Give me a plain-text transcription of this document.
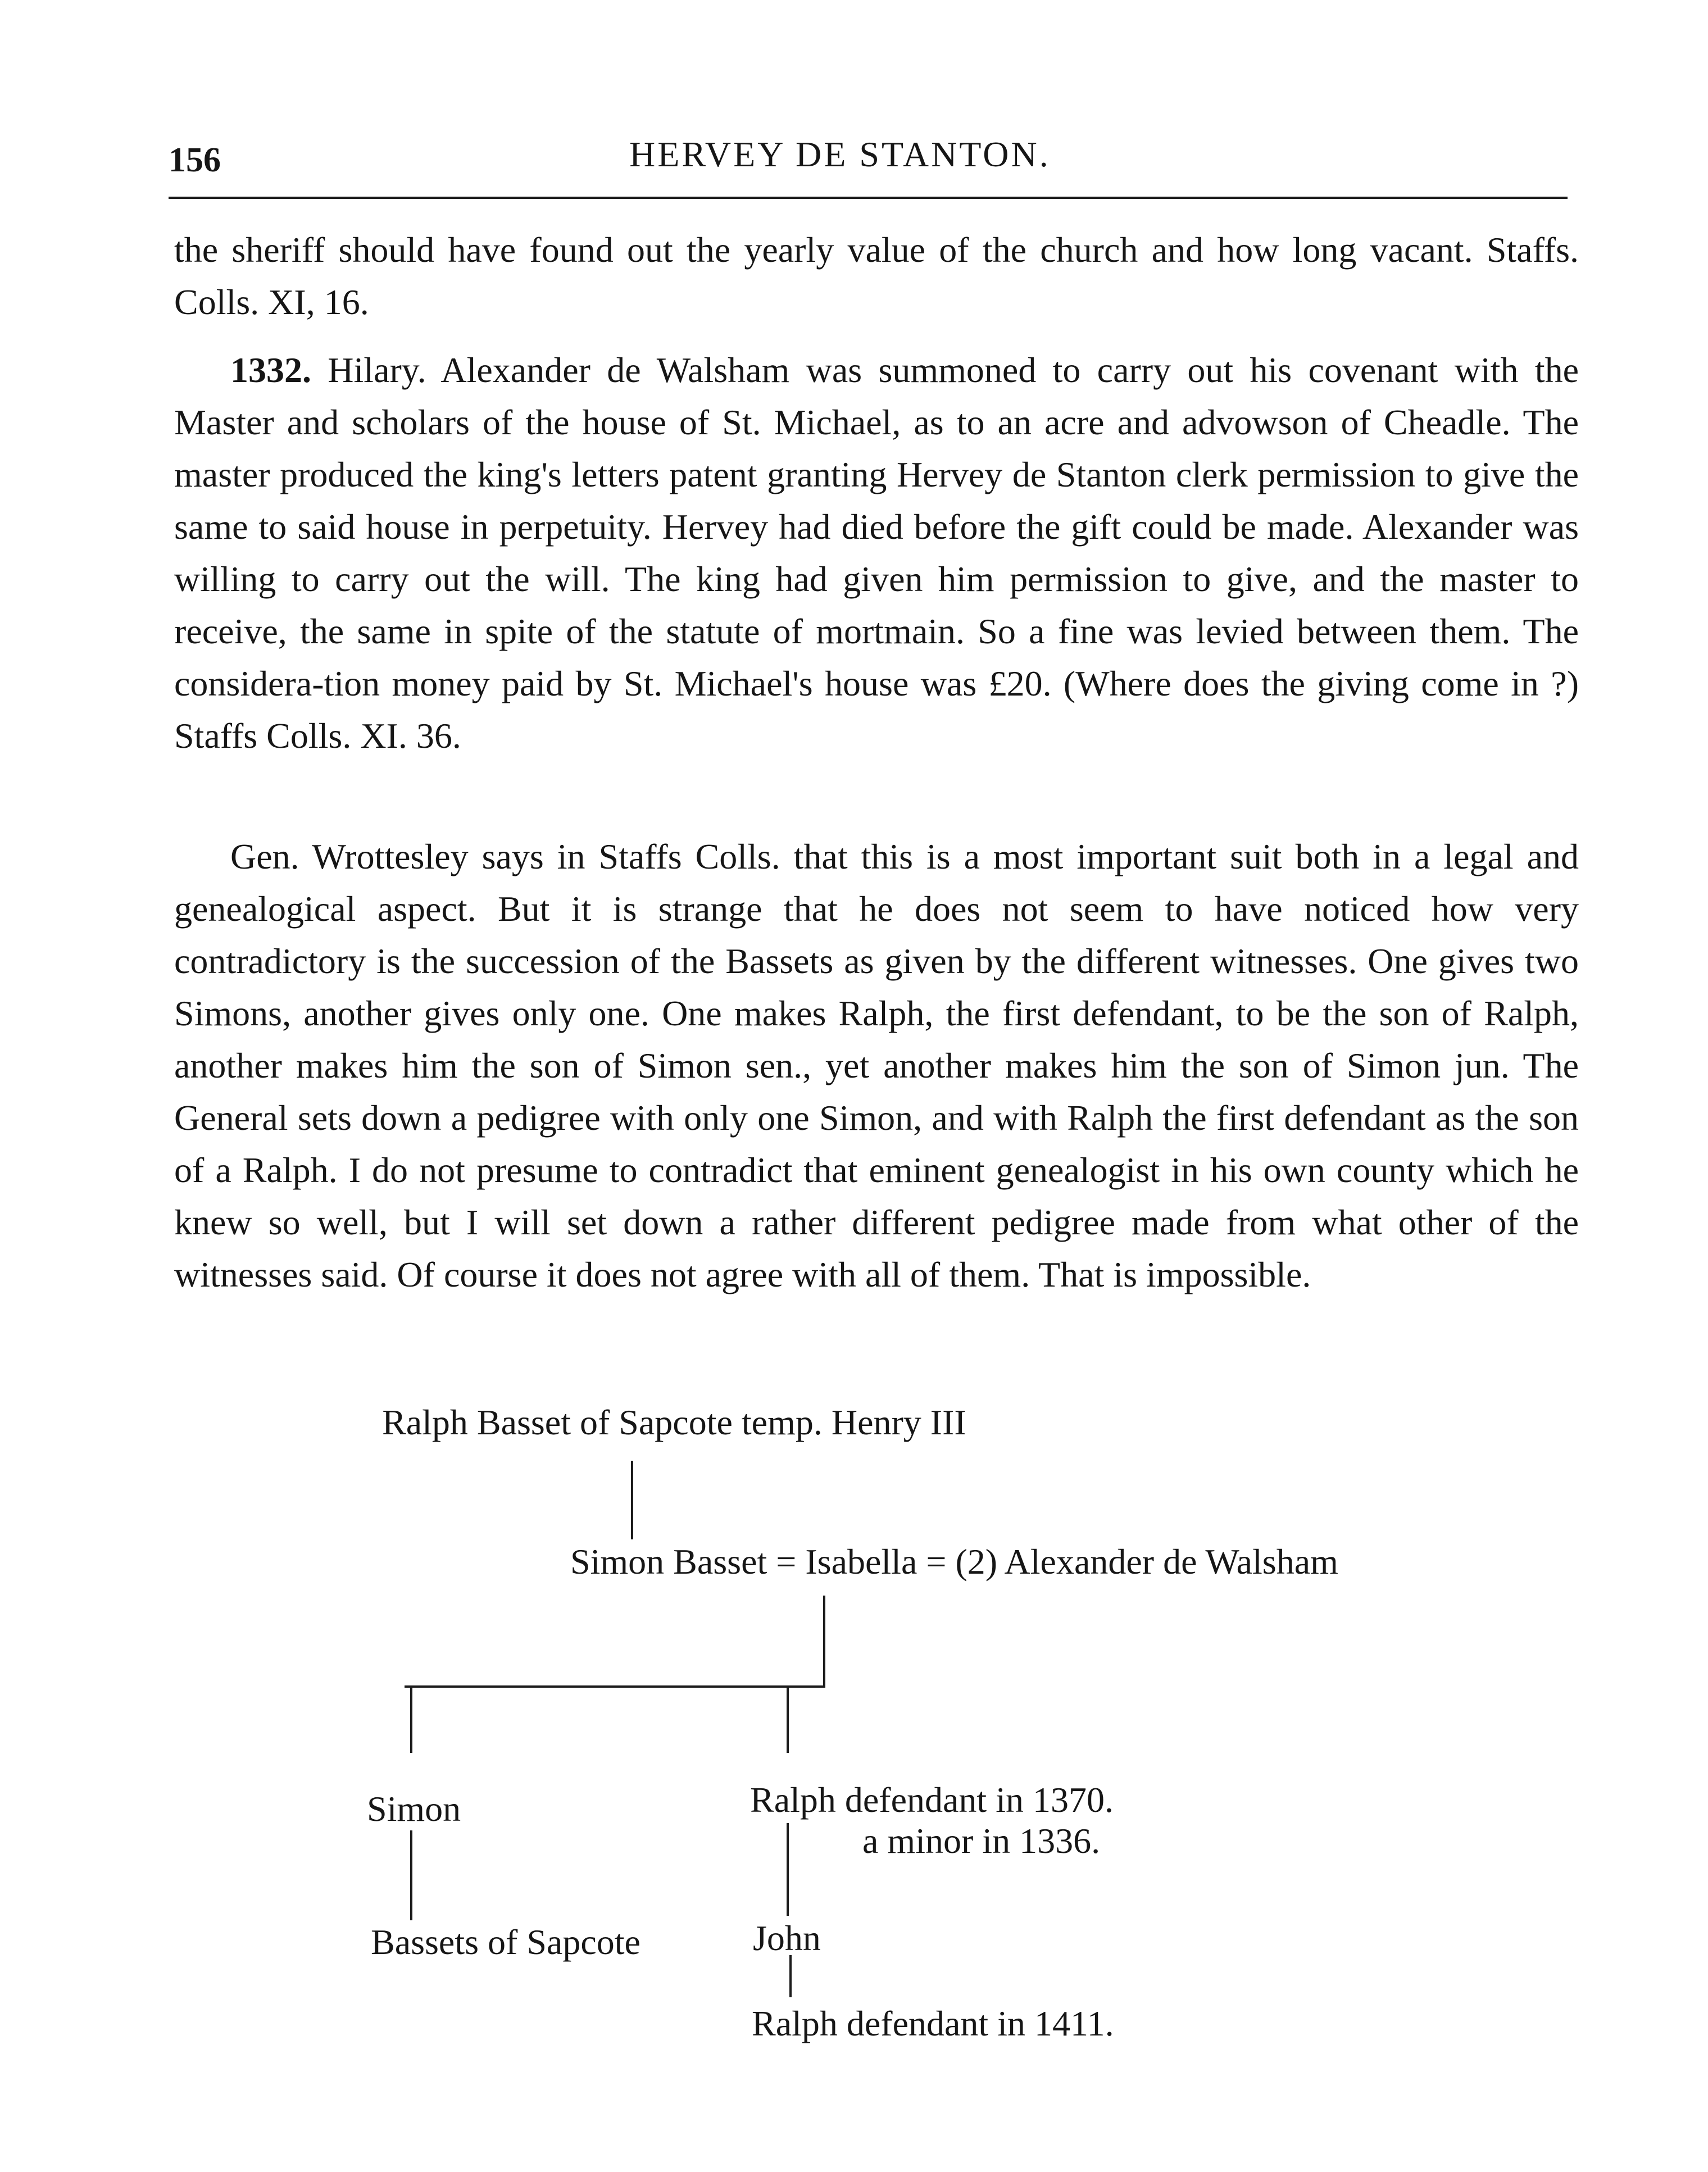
156	HERVEY DE STANTON.

the sheriff should have found out the yearly value of the church and how long vacant. Staffs. Colls. XI, 16.

1332. Hilary. Alexander de Walsham was summoned to carry out his covenant with the Master and scholars of the house of St. Michael, as to an acre and advowson of Cheadle. The master produced the king's letters patent granting Hervey de Stanton clerk permission to give the same to said house in perpetuity. Hervey had died before the gift could be made. Alexander was willing to carry out the will. The king had given him permission to give, and the master to receive, the same in spite of the statute of mortmain. So a fine was levied between them. The considera-tion money paid by St. Michael's house was £20. (Where does the giving come in ?) Staffs Colls. XI. 36.

Gen. Wrottesley says in Staffs Colls. that this is a most important suit both in a legal and genealogical aspect. But it is strange that he does not seem to have noticed how very contradictory is the succession of the Bassets as given by the different witnesses. One gives two Simons, another gives only one. One makes Ralph, the first defendant, to be the son of Ralph, another makes him the son of Simon sen., yet another makes him the son of Simon jun. The General sets down a pedigree with only one Simon, and with Ralph the first defendant as the son of a Ralph. I do not presume to contradict that eminent genealogist in his own county which he knew so well, but I will set down a rather different pedigree made from what other of the witnesses said. Of course it does not agree with all of them. That is impossible.

Ralph Basset of Sapcote temp. Henry III
Simon Basset = Isabella = (2) Alexander de Walsham
Simon	Ralph defendant in 1370.
a minor in 1336.
Bassets of Sapcote	John
Ralph defendant in 1411.
